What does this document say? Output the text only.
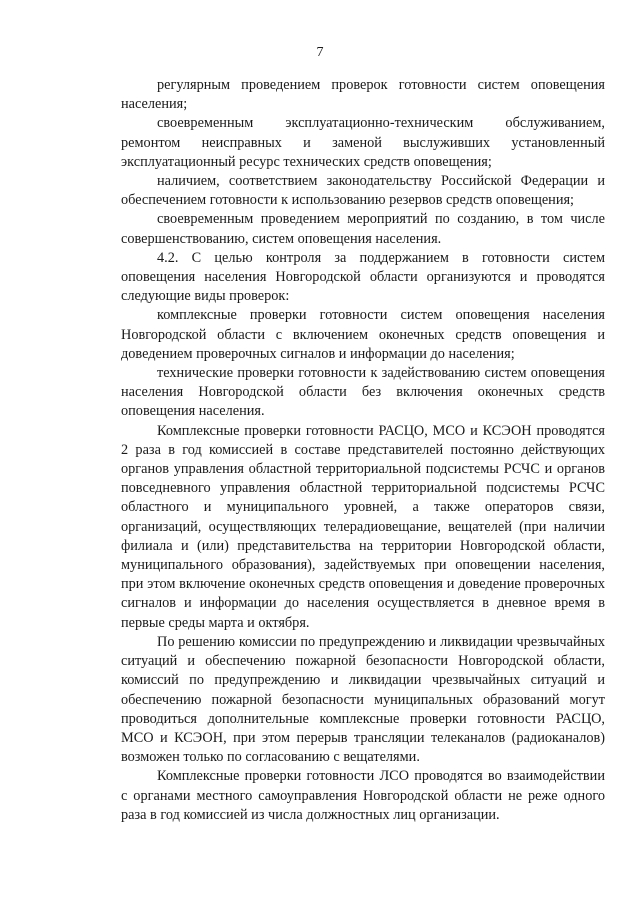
7

регулярным проведением проверок готовности систем оповещения населения;

своевременным эксплуатационно-техническим обслуживанием, ремонтом неисправных и заменой выслуживших установленный эксплуатационный ресурс технических средств оповещения;

наличием, соответствием законодательству Российской Федерации и обеспечением готовности к использованию резервов средств оповещения;

своевременным проведением мероприятий по созданию, в том числе совершенствованию, систем оповещения населения.

4.2. С целью контроля за поддержанием в готовности систем оповещения населения Новгородской области организуются и проводятся следующие виды проверок:

комплексные проверки готовности систем оповещения населения Новгородской области с включением оконечных средств оповещения и доведением проверочных сигналов и информации до населения;

технические проверки готовности к задействованию систем оповещения населения Новгородской области без включения оконечных средств оповещения населения.

Комплексные проверки готовности РАСЦО, МСО и КСЭОН проводятся 2 раза в год комиссией в составе представителей постоянно действующих органов управления областной территориальной подсистемы РСЧС и органов повседневного управления областной территориальной подсистемы РСЧС областного и муниципального уровней, а также операторов связи, организаций, осуществляющих телерадиовещание, вещателей (при наличии филиала и (или) представительства на территории Новгородской области, муниципального образования), задействуемых при оповещении населения, при этом включение оконечных средств оповещения и доведение проверочных сигналов и информации до населения осуществляется в дневное время в первые среды марта и октября.

По решению комиссии по предупреждению и ликвидации чрезвычайных ситуаций и обеспечению пожарной безопасности Новгородской области, комиссий по предупреждению и ликвидации чрезвычайных ситуаций и обеспечению пожарной безопасности муниципальных образований могут проводиться дополнительные комплексные проверки готовности РАСЦО, МСО и КСЭОН, при этом перерыв трансляции телеканалов (радиоканалов) возможен только по согласованию с вещателями.

Комплексные проверки готовности ЛСО проводятся во взаимодействии с органами местного самоуправления Новгородской области не реже одного раза в год комиссией из числа должностных лиц организации.
